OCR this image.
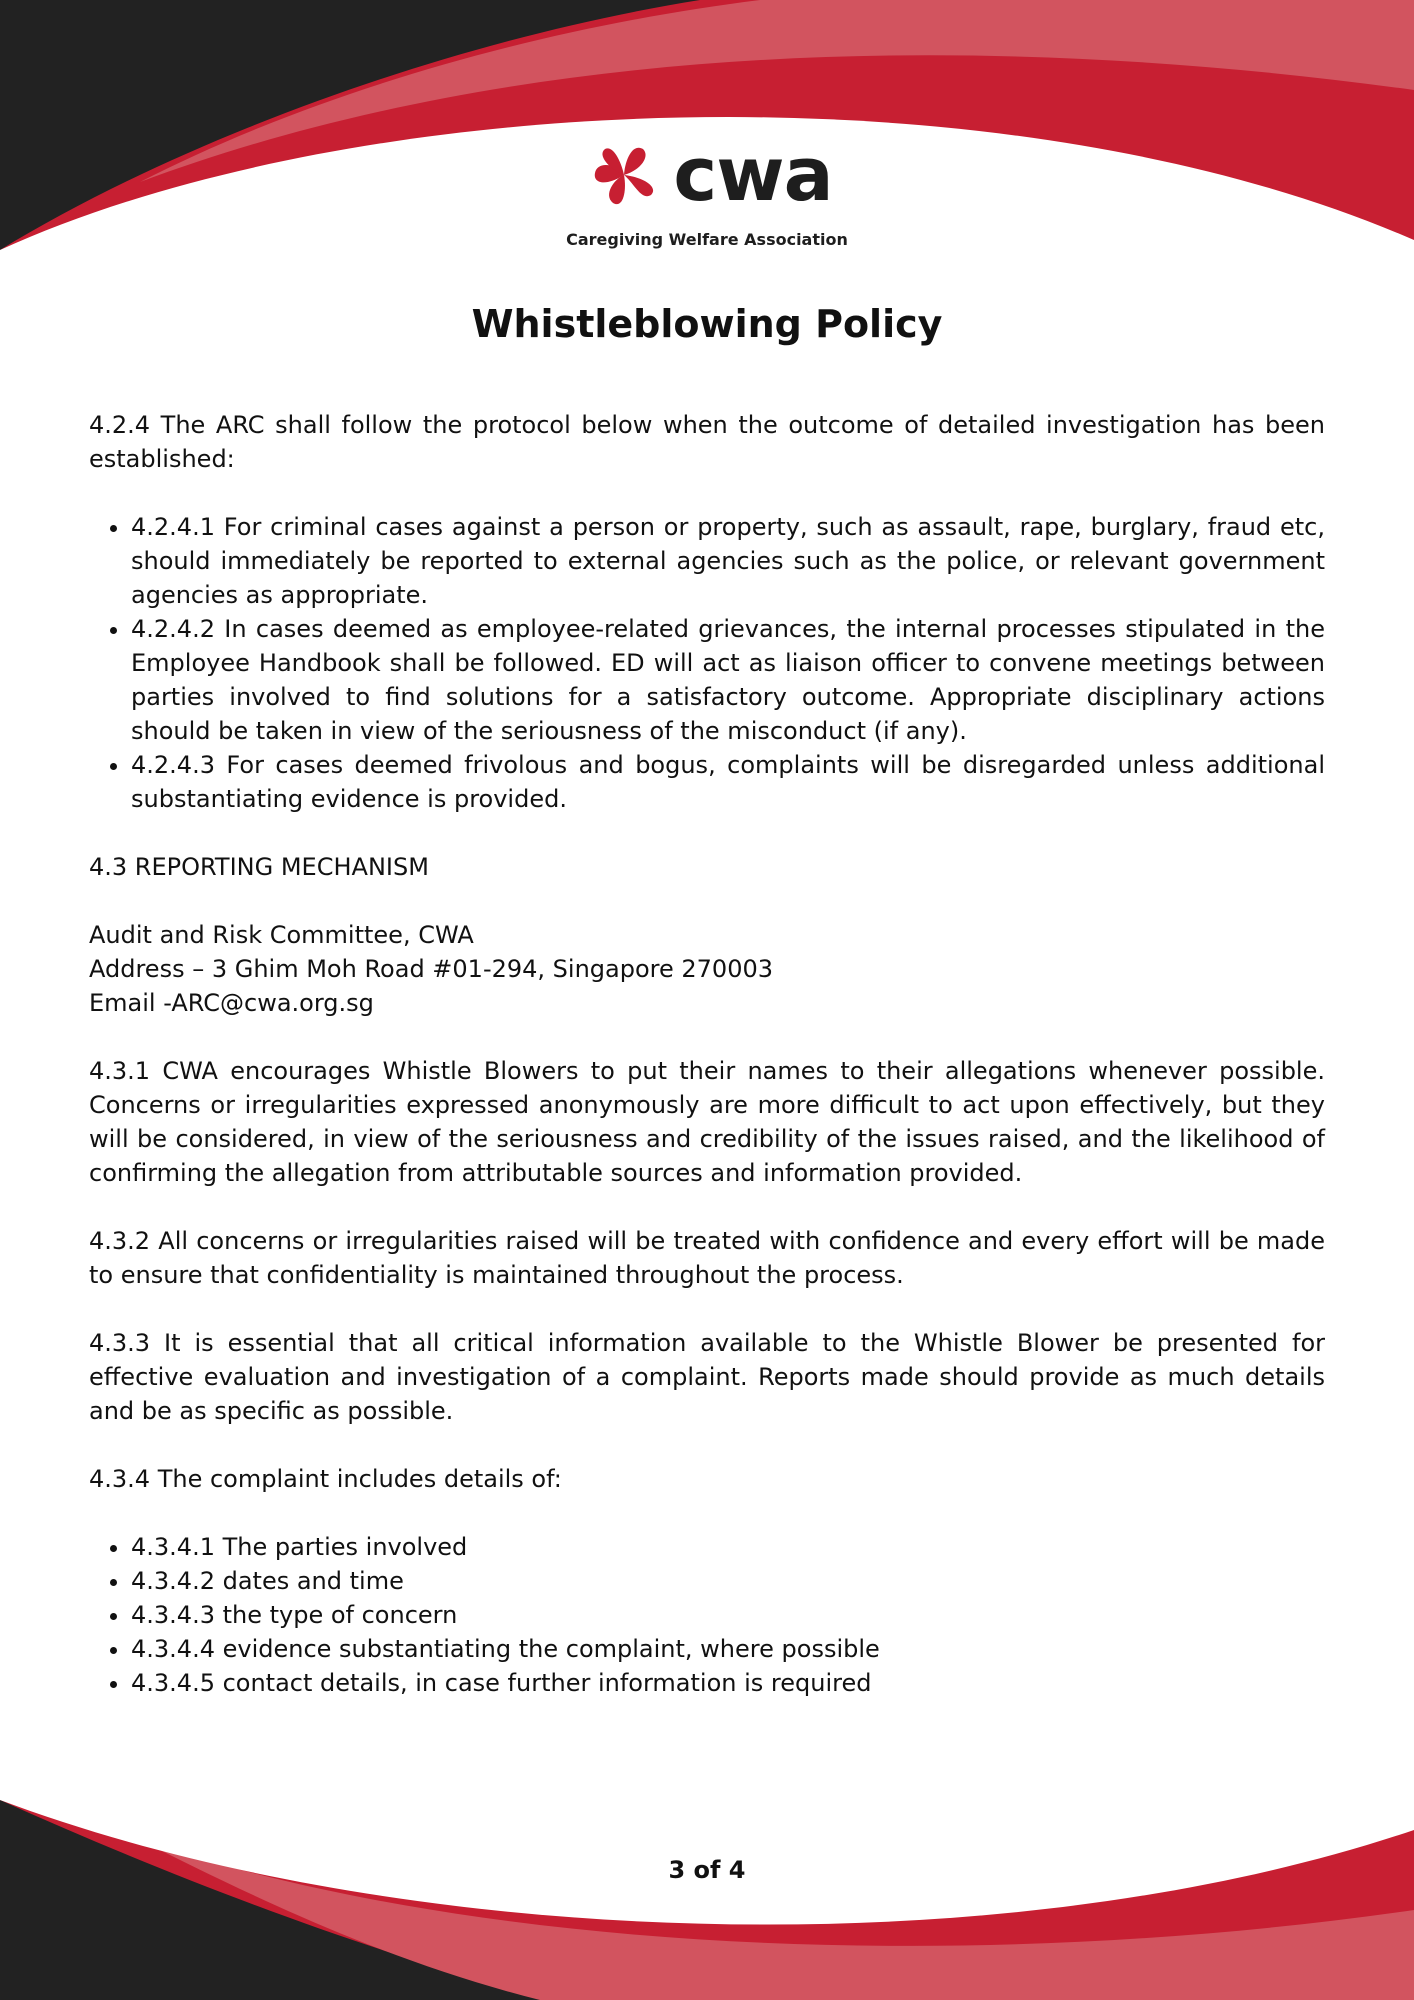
cwa
Caregiving Welfare Association
Whistleblowing Policy

4.2.4 The ARC shall follow the protocol below when the outcome of detailed investigation has been established:

• 4.2.4.1 For criminal cases against a person or property, such as assault, rape, burglary, fraud etc, should immediately be reported to external agencies such as the police, or relevant government agencies as appropriate.
• 4.2.4.2 In cases deemed as employee-related grievances, the internal processes stipulated in the Employee Handbook shall be followed. ED will act as liaison officer to convene meetings between parties involved to find solutions for a satisfactory outcome. Appropriate disciplinary actions should be taken in view of the seriousness of the misconduct (if any).
• 4.2.4.3 For cases deemed frivolous and bogus, complaints will be disregarded unless additional substantiating evidence is provided.

4.3 REPORTING MECHANISM

Audit and Risk Committee, CWA

Address – 3 Ghim Moh Road #01-294, Singapore 270003

Email -ARC@cwa.org.sg

4.3.1 CWA encourages Whistle Blowers to put their names to their allegations whenever possible. Concerns or irregularities expressed anonymously are more difficult to act upon effectively, but they will be considered, in view of the seriousness and credibility of the issues raised, and the likelihood of confirming the allegation from attributable sources and information provided.

4.3.2 All concerns or irregularities raised will be treated with confidence and every effort will be made to ensure that confidentiality is maintained throughout the process.

4.3.3 It is essential that all critical information available to the Whistle Blower be presented for effective evaluation and investigation of a complaint. Reports made should provide as much details and be as specific as possible.

4.3.4 The complaint includes details of:

• 4.3.4.1 The parties involved
• 4.3.4.2 dates and time
• 4.3.4.3 the type of concern
• 4.3.4.4 evidence substantiating the complaint, where possible
• 4.3.4.5 contact details, in case further information is required
3 of 4
